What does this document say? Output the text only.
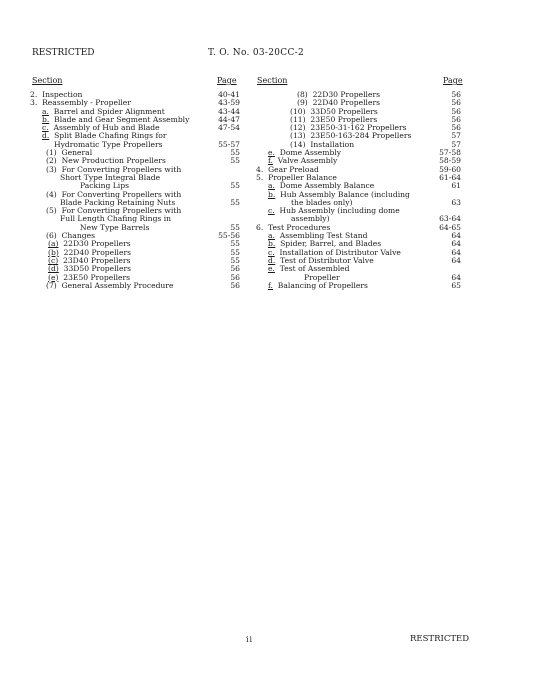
RESTRICTED	T. O. No. 03-20CC-2
Section	Page	Section	Page
2. Inspection	40-41
3. Reassembly - Propeller	43-59
a. Barrel and Spider Alignment	43-44
b. Blade and Gear Segment Assembly	44-47
c. Assembly of Hub and Blade	47-54
d. Split Blade Chafing Rings for
Hydromatic Type Propellers	55-57
(1) General	55
(2) New Production Propellers	55
(3) For Converting Propellers with
Short Type Integral Blade
Packing Lips	55
(4) For Converting Propellers with
Blade Packing Retaining Nuts	55
(5) For Converting Propellers with
Full Length Chafing Rings in
New Type Barrels	55
(6) Changes	55-56
(a) 22D30 Propellers	55
(b) 22D40 Propellers	55
(c) 23D40 Propellers	55
(d) 33D50 Propellers	56
(e) 23E50 Propellers	56
(7) General Assembly Procedure	56
(8) 22D30 Propellers	56
(9) 22D40 Propellers	56
(10) 33D50 Propellers	56
(11) 23E50 Propellers	56
(12) 23E50-31-162 Propellers	56
(13) 23E50-163-284 Propellers	57
(14) Installation	57
e. Dome Assembly	57-58
f. Valve Assembly	58-59
4. Gear Preload	59-60
5. Propeller Balance	61-64
a. Dome Assembly Balance	61
b. Hub Assembly Balance (including
the blades only)	63
c. Hub Assembly (including dome
assembly)	63-64
6. Test Procedures	64-65
a. Assembling Test Stand	64
b. Spider, Barrel, and Blades	64
c. Installation of Distributor Valve	64
d. Test of Distributor Valve	64
e. Test of Assembled
Propeller	64
f. Balancing of Propellers	65
ii	RESTRICTED
